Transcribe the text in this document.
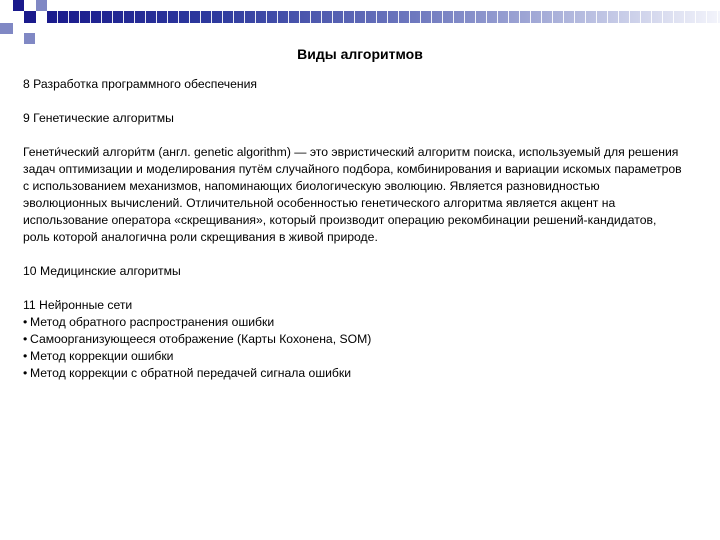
Виды алгоритмов

8 Разработка программного обеспечения

9 Генетические алгоритмы

Генети́ческий алгори́тм (англ. genetic algorithm) — это эвристический алгоритм поиска, используемый для решения задач оптимизации и моделирования путём случайного подбора, комбинирования и вариации искомых параметров с использованием механизмов, напоминающих биологическую эволюцию. Является разновидностью эволюционных вычислений. Отличительной особенностью генетического алгоритма является акцент на использование оператора «скрещивания», который производит операцию рекомбинации решений-кандидатов, роль которой аналогична роли скрещивания в живой природе.

10 Медицинские алгоритмы

11 Нейронные сети
• Метод обратного распространения ошибки
• Самоорганизующееся отображение (Карты Кохонена, SOM)
• Метод коррекции ошибки
• Метод коррекции с обратной передачей сигнала ошибки
